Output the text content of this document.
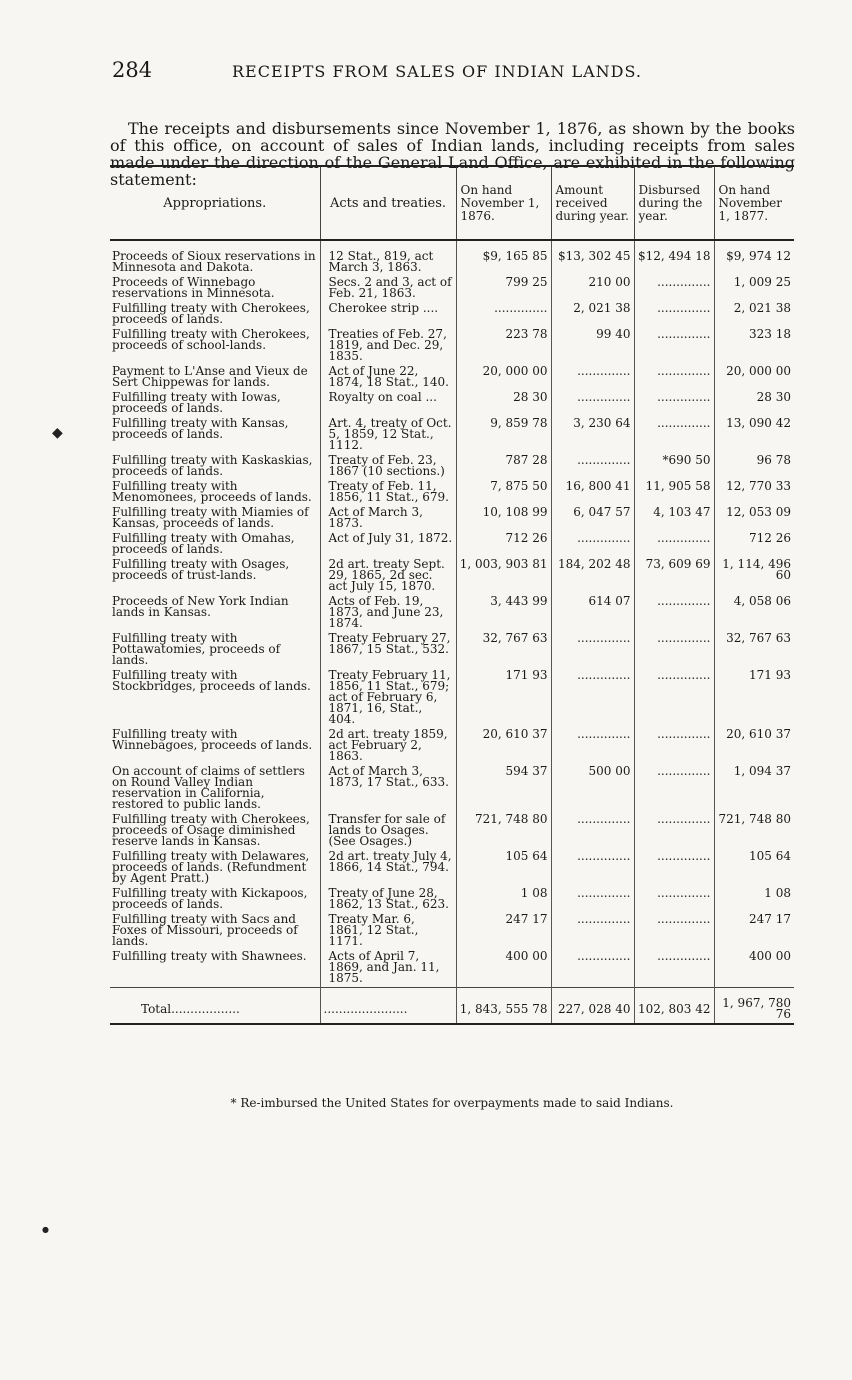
284	RECEIPTS FROM SALES OF INDIAN LANDS.

The receipts and disbursements since November 1, 1876, as shown by the books of this office, on account of sales of Indian lands, including receipts from sales made under the direction of the General Land Office, are exhibited in the following statement:

Appropriations.	Acts and treaties.	On hand November 1, 1876.	Amount received during year.	Disbursed during the year.	On hand November 1, 1877.
Proceeds of Sioux reservations in Minnesota and Dakota.	12 Stat., 819, act March 3, 1863.	$9, 165 85	$13, 302 45	$12, 494 18	$9, 974 12
Proceeds of Winnebago reservations in Minnesota.	Secs. 2 and 3, act of Feb. 21, 1863.	799 25	210 00	..............	1, 009 25
Fulfilling treaty with Cherokees, proceeds of lands.	Cherokee strip ....	..............	2, 021 38	..............	2, 021 38
Fulfilling treaty with Cherokees, proceeds of school-lands.	Treaties of Feb. 27, 1819, and Dec. 29, 1835.	223 78	99 40	..............	323 18
Payment to L'Anse and Vieux de Sert Chippewas for lands.	Act of June 22, 1874, 18 Stat., 140.	20, 000 00	..............	..............	20, 000 00
Fulfilling treaty with Iowas, proceeds of lands.	Royalty on coal ...	28 30	..............	..............	28 30
Fulfilling treaty with Kansas, proceeds of lands.	Art. 4, treaty of Oct. 5, 1859, 12 Stat., 1112.	9, 859 78	3, 230 64	..............	13, 090 42
Fulfilling treaty with Kaskaskias, proceeds of lands.	Treaty of Feb. 23, 1867 (10 sections.)	787 28	..............	*690 50	96 78
Fulfilling treaty with Menomonees, proceeds of lands.	Treaty of Feb. 11, 1856, 11 Stat., 679.	7, 875 50	16, 800 41	11, 905 58	12, 770 33
Fulfilling treaty with Miamies of Kansas, proceeds of lands.	Act of March 3, 1873.	10, 108 99	6, 047 57	4, 103 47	12, 053 09
Fulfilling treaty with Omahas, proceeds of lands.	Act of July 31, 1872.	712 26	..............	..............	712 26
Fulfilling treaty with Osages, proceeds of trust-lands.	2d art. treaty Sept. 29, 1865, 2d sec. act July 15, 1870.	1, 003, 903 81	184, 202 48	73, 609 69	1, 114, 496 60
Proceeds of New York Indian lands in Kansas.	Acts of Feb. 19, 1873, and June 23, 1874.	3, 443 99	614 07	..............	4, 058 06
Fulfilling treaty with Pottawatomies, proceeds of lands.	Treaty February 27, 1867, 15 Stat., 532.	32, 767 63	..............	..............	32, 767 63
Fulfilling treaty with Stockbridges, proceeds of lands.	Treaty February 11, 1856, 11 Stat., 679; act of February 6, 1871, 16, Stat., 404.	171 93	..............	..............	171 93
Fulfilling treaty with Winnebagoes, proceeds of lands.	2d art. treaty 1859, act February 2, 1863.	20, 610 37	..............	..............	20, 610 37
On account of claims of settlers on Round Valley Indian reservation in California, restored to public lands.	Act of March 3, 1873, 17 Stat., 633.	594 37	500 00	..............	1, 094 37
Fulfilling treaty with Cherokees, proceeds of Osage diminished reserve lands in Kansas.	Transfer for sale of lands to Osages. (See Osages.)	721, 748 80	..............	..............	721, 748 80
Fulfilling treaty with Delawares, proceeds of lands. (Refundment by Agent Pratt.)	2d art. treaty July 4, 1866, 14 Stat., 794.	105 64	..............	..............	105 64
Fulfilling treaty with Kickapoos, proceeds of lands.	Treaty of June 28, 1862, 13 Stat., 623.	1 08	..............	..............	1 08
Fulfilling treaty with Sacs and Foxes of Missouri, proceeds of lands.	Treaty Mar. 6, 1861, 12 Stat., 1171.	247 17	..............	..............	247 17
Fulfilling treaty with Shawnees.	Acts of April 7, 1869, and Jan. 11, 1875.	400 00	..............	..............	400 00
Total..................	......................	1, 843, 555 78	227, 028 40	102, 803 42	1, 967, 780 76
* Re-imbursed the United States for overpayments made to said Indians.
◆
●
